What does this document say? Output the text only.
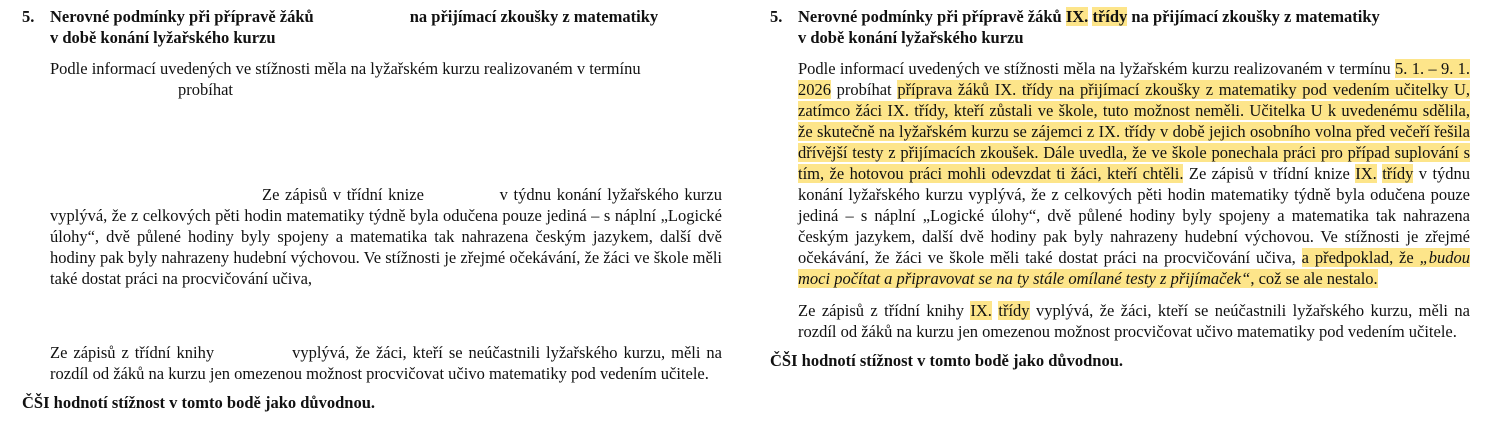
5. Nerovné podmínky při přípravě žáků	na přijímací zkoušky z matematiky
v době konání lyžařského kurzu
Podle informací uvedených ve stížnosti měla na lyžařském kurzu realizovaném v termínu
probíhat

Ze zápisů v třídní knize	v týdnu konání lyžařského kurzu vyplývá, že z celkových pěti hodin matematiky týdně byla odučena pouze jediná – s náplní „Logické úlohy“, dvě půlené hodiny byly spojeny a matematika tak nahrazena českým jazykem, další dvě hodiny pak byly nahrazeny hudební výchovou. Ve stížnosti je zřejmé očekávání, že žáci ve škole měli také dostat práci na procvičování učiva,

Ze zápisů z třídní knihy	vyplývá, že žáci, kteří se neúčastnili lyžařského kurzu, měli na rozdíl od žáků na kurzu jen omezenou možnost procvičovat učivo matematiky pod vedením učitele.
ČŠI hodnotí stížnost v tomto bodě jako důvodnou.
5. Nerovné podmínky při přípravě žáků IX. třídy na přijímací zkoušky z matematiky
v době konání lyžařského kurzu
Podle informací uvedených ve stížnosti měla na lyžařském kurzu realizovaném v termínu 5. 1. – 9. 1. 2026 probíhat příprava žáků IX. třídy na přijímací zkoušky z matematiky pod vedením učitelky U, zatímco žáci IX. třídy, kteří zůstali ve škole, tuto možnost neměli. Učitelka U k uvedenému sdělila, že skutečně na lyžařském kurzu se zájemci z IX. třídy v době jejich osobního volna před večeří řešila dřívější testy z přijímacích zkoušek. Dále uvedla, že ve škole ponechala práci pro případ suplování s tím, že hotovou práci mohli odevzdat ti žáci, kteří chtěli. Ze zápisů v třídní knize IX. třídy v týdnu konání lyžařského kurzu vyplývá, že z celkových pěti hodin matematiky týdně byla odučena pouze jediná – s náplní „Logické úlohy“, dvě půlené hodiny byly spojeny a matematika tak nahrazena českým jazykem, další dvě hodiny pak byly nahrazeny hudební výchovou. Ve stížnosti je zřejmé očekávání, že žáci ve škole měli také dostat práci na procvičování učiva, a předpoklad, že „budou moci počítat a připravovat se na ty stále omílané testy z přijímaček“, což se ale nestalo.
Ze zápisů z třídní knihy IX. třídy vyplývá, že žáci, kteří se neúčastnili lyžařského kurzu, měli na rozdíl od žáků na kurzu jen omezenou možnost procvičovat učivo matematiky pod vedením učitele.
ČŠI hodnotí stížnost v tomto bodě jako důvodnou.
